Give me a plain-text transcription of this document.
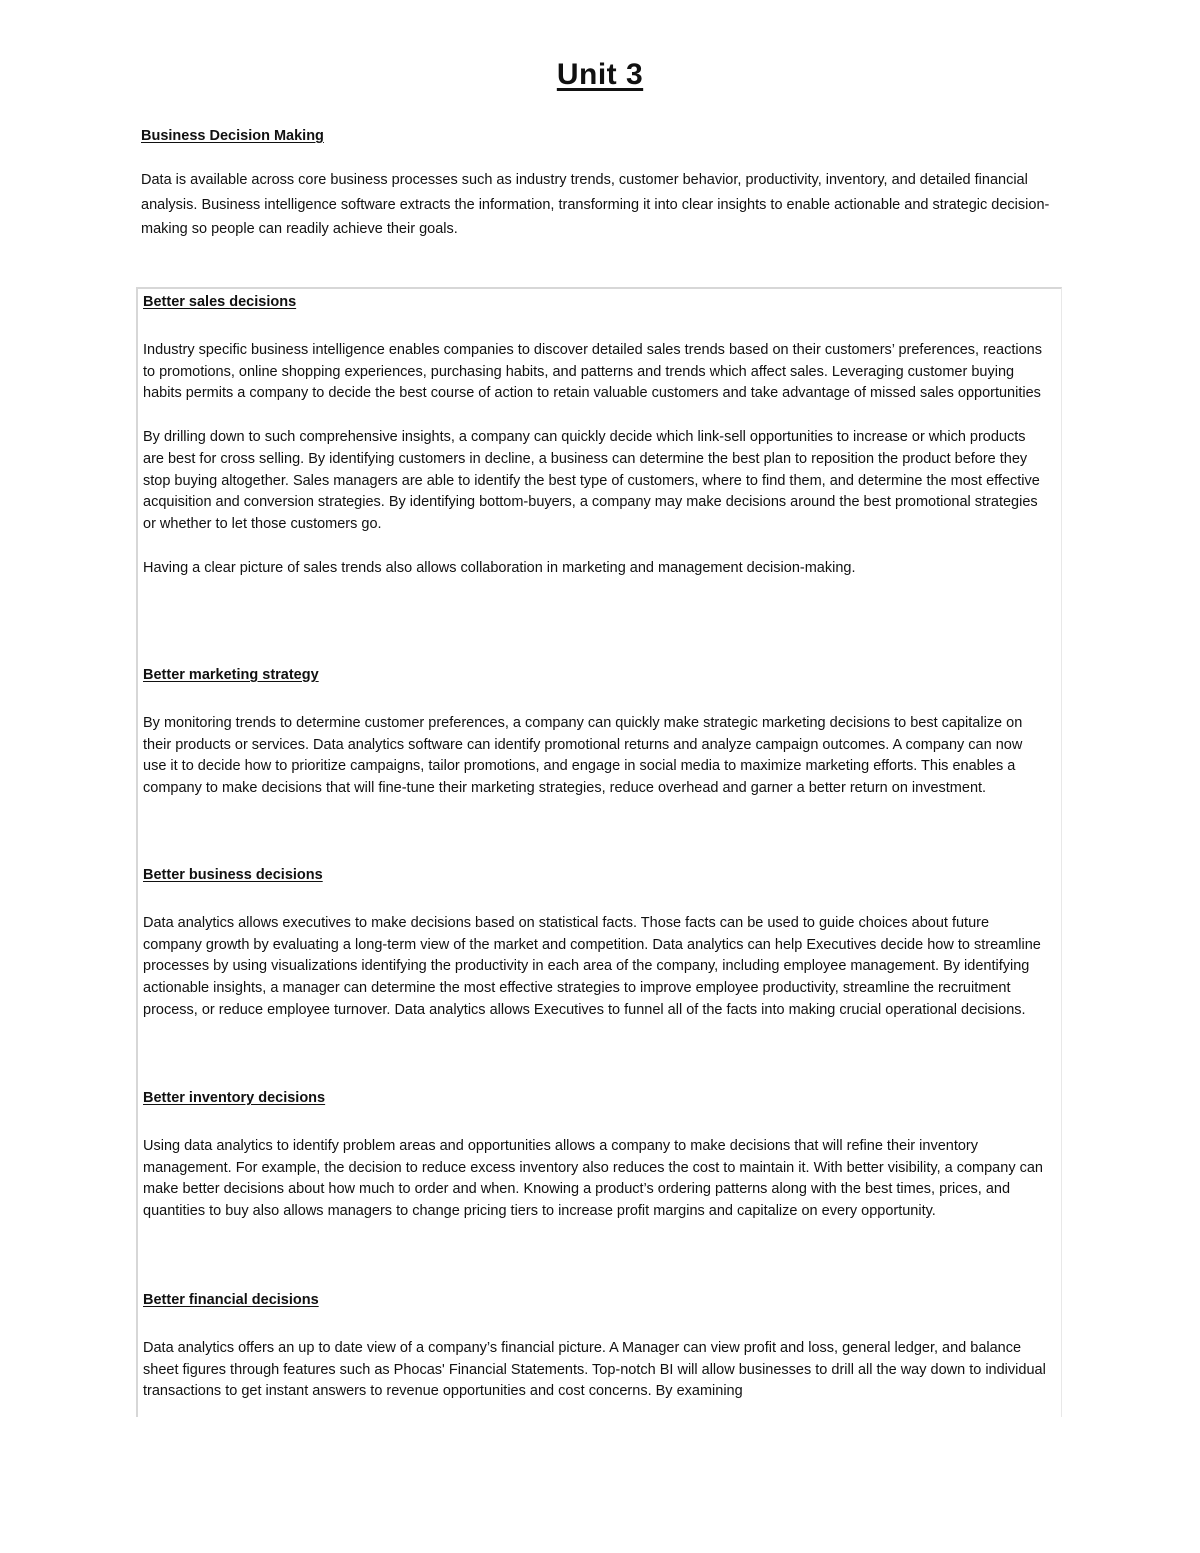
Unit 3
Business Decision Making
Data is available across core business processes such as industry trends, customer behavior, productivity, inventory, and detailed financial analysis. Business intelligence software extracts the information, transforming it into clear insights to enable actionable and strategic decision-making so people can readily achieve their goals.
Better sales decisions

Industry specific business intelligence enables companies to discover detailed sales trends based on their customers’ preferences, reactions to promotions, online shopping experiences, purchasing habits, and patterns and trends which affect sales. Leveraging customer buying habits permits a company to decide the best course of action to retain valuable customers and take advantage of missed sales opportunities

By drilling down to such comprehensive insights, a company can quickly decide which link-sell opportunities to increase or which products are best for cross selling. By identifying customers in decline, a business can determine the best plan to reposition the product before they stop buying altogether. Sales managers are able to identify the best type of customers, where to find them, and determine the most effective acquisition and conversion strategies. By identifying bottom-buyers, a company may make decisions around the best promotional strategies or whether to let those customers go.

Having a clear picture of sales trends also allows collaboration in marketing and management decision-making.

Better marketing strategy

By monitoring trends to determine customer preferences, a company can quickly make strategic marketing decisions to best capitalize on their products or services. Data analytics software can identify promotional returns and analyze campaign outcomes. A company can now use it to decide how to prioritize campaigns, tailor promotions, and engage in social media to maximize marketing efforts. This enables a company to make decisions that will fine-tune their marketing strategies, reduce overhead and garner a better return on investment.

Better business decisions

Data analytics allows executives to make decisions based on statistical facts. Those facts can be used to guide choices about future company growth by evaluating a long-term view of the market and competition. Data analytics can help Executives decide how to streamline processes by using visualizations identifying the productivity in each area of the company, including employee management. By identifying actionable insights, a manager can determine the most effective strategies to improve employee productivity, streamline the recruitment process, or reduce employee turnover. Data analytics allows Executives to funnel all of the facts into making crucial operational decisions.

Better inventory decisions

Using data analytics to identify problem areas and opportunities allows a company to make decisions that will refine their inventory management. For example, the decision to reduce excess inventory also reduces the cost to maintain it. With better visibility, a company can make better decisions about how much to order and when. Knowing a product’s ordering patterns along with the best times, prices, and quantities to buy also allows managers to change pricing tiers to increase profit margins and capitalize on every opportunity.

Better financial decisions

Data analytics offers an up to date view of a company’s financial picture. A Manager can view profit and loss, general ledger, and balance sheet figures through features such as Phocas' Financial Statements. Top-notch BI will allow businesses to drill all the way down to individual transactions to get instant answers to revenue opportunities and cost concerns. By examining
